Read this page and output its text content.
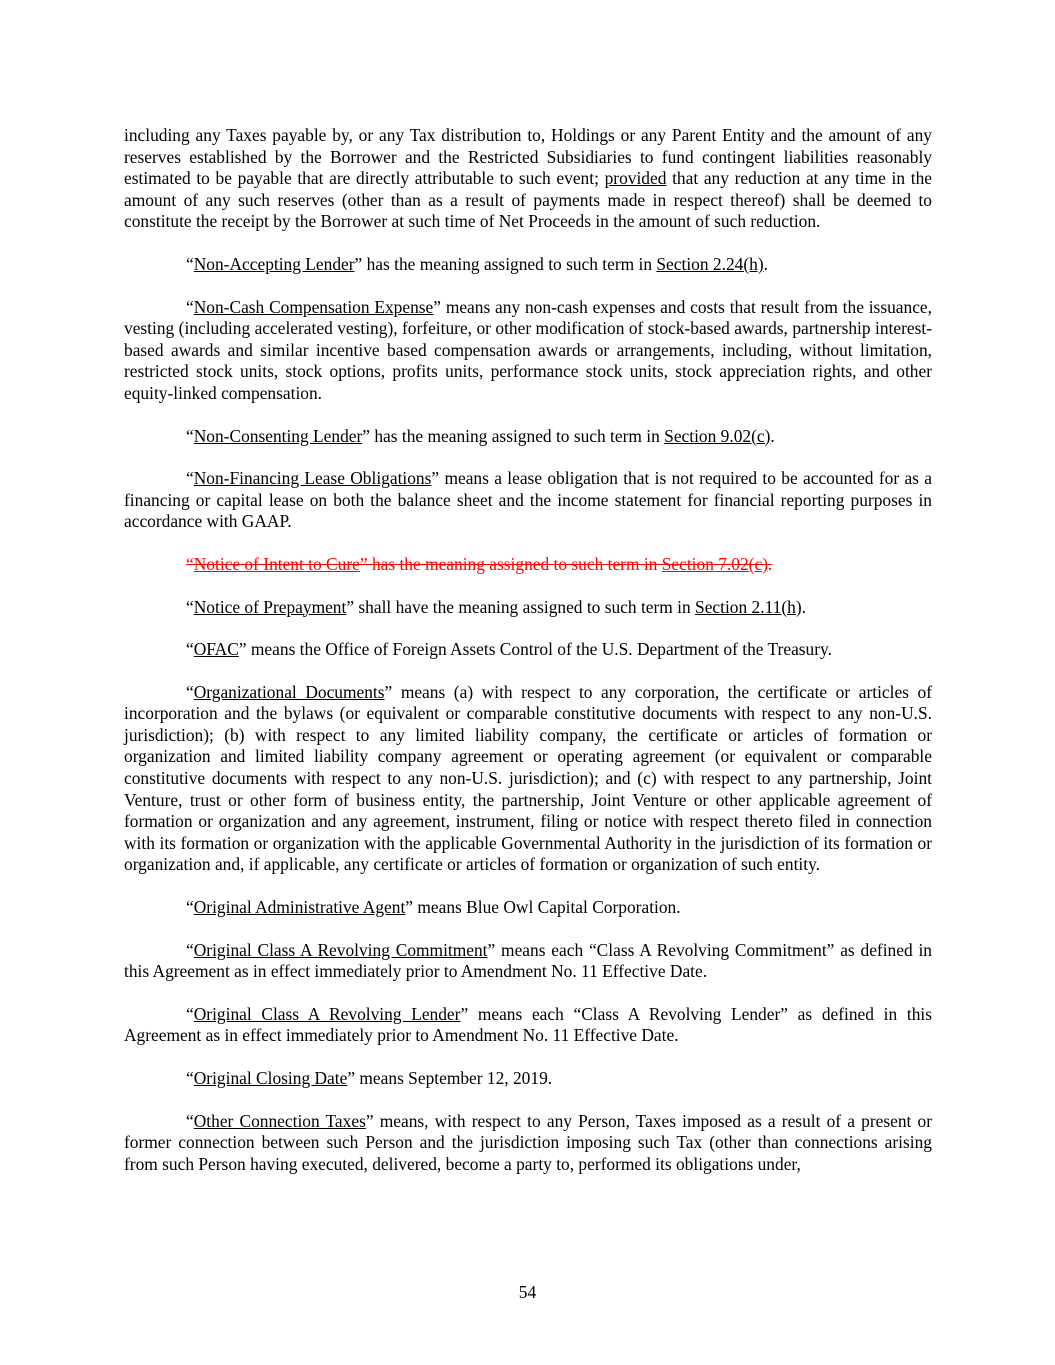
including any Taxes payable by, or any Tax distribution to, Holdings or any Parent Entity and the amount of any reserves established by the Borrower and the Restricted Subsidiaries to fund contingent liabilities reasonably estimated to be payable that are directly attributable to such event; provided that any reduction at any time in the amount of any such reserves (other than as a result of payments made in respect thereof) shall be deemed to constitute the receipt by the Borrower at such time of Net Proceeds in the amount of such reduction.

“Non-Accepting Lender” has the meaning assigned to such term in Section 2.24(h).

“Non-Cash Compensation Expense” means any non-cash expenses and costs that result from the issuance, vesting (including accelerated vesting), forfeiture, or other modification of stock-based awards, partnership interest-based awards and similar incentive based compensation awards or arrangements, including, without limitation, restricted stock units, stock options, profits units, performance stock units, stock appreciation rights, and other equity-linked compensation.

“Non-Consenting Lender” has the meaning assigned to such term in Section 9.02(c).

“Non-Financing Lease Obligations” means a lease obligation that is not required to be accounted for as a financing or capital lease on both the balance sheet and the income statement for financial reporting purposes in accordance with GAAP.

“Notice of Intent to Cure” has the meaning assigned to such term in Section 7.02(c).

“Notice of Prepayment” shall have the meaning assigned to such term in Section 2.11(h).

“OFAC” means the Office of Foreign Assets Control of the U.S. Department of the Treasury.

“Organizational Documents” means (a) with respect to any corporation, the certificate or articles of incorporation and the bylaws (or equivalent or comparable constitutive documents with respect to any non-U.S. jurisdiction); (b) with respect to any limited liability company, the certificate or articles of formation or organization and limited liability company agreement or operating agreement (or equivalent or comparable constitutive documents with respect to any non-U.S. jurisdiction); and (c) with respect to any partnership, Joint Venture, trust or other form of business entity, the partnership, Joint Venture or other applicable agreement of formation or organization and any agreement, instrument, filing or notice with respect thereto filed in connection with its formation or organization with the applicable Governmental Authority in the jurisdiction of its formation or organization and, if applicable, any certificate or articles of formation or organization of such entity.

“Original Administrative Agent” means Blue Owl Capital Corporation.

“Original Class A Revolving Commitment” means each “Class A Revolving Commitment” as defined in this Agreement as in effect immediately prior to Amendment No. 11 Effective Date.

“Original Class A Revolving Lender” means each “Class A Revolving Lender” as defined in this Agreement as in effect immediately prior to Amendment No. 11 Effective Date.

“Original Closing Date” means September 12, 2019.

“Other Connection Taxes” means, with respect to any Person, Taxes imposed as a result of a present or former connection between such Person and the jurisdiction imposing such Tax (other than connections arising from such Person having executed, delivered, become a party to, performed its obligations under,

54
